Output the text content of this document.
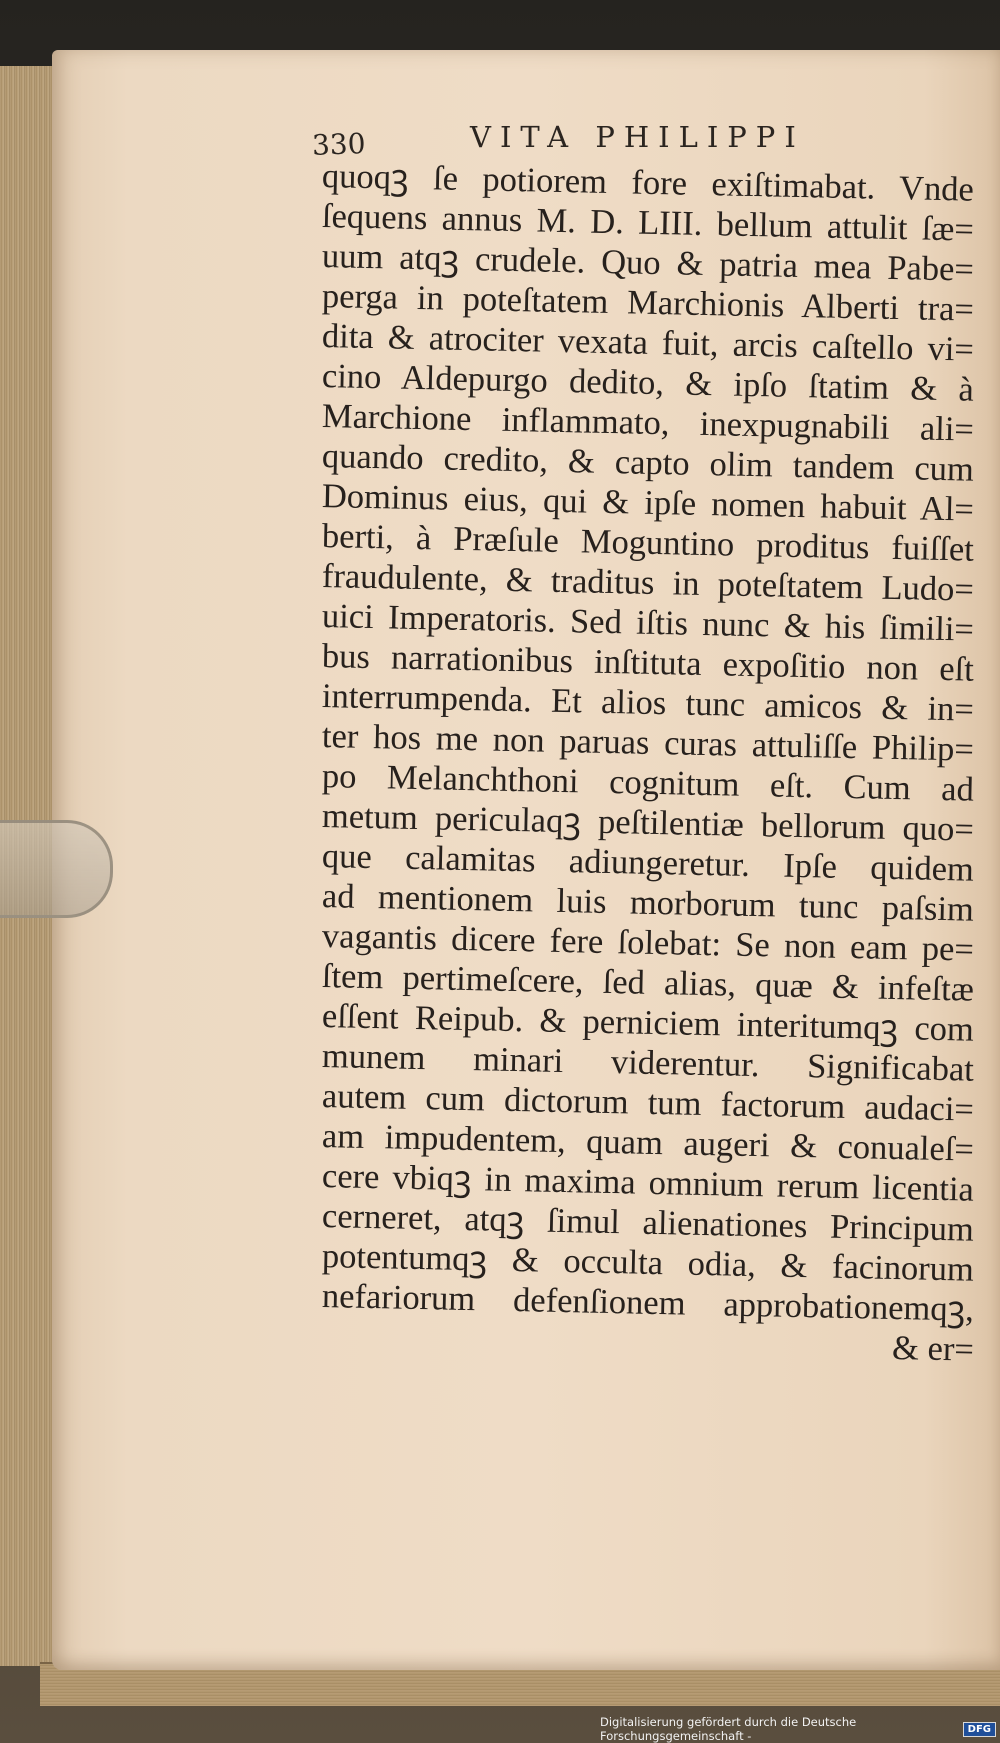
330	VITA PHILIPPI
quoqꝫ ſe potiorem fore exiſtimabat. Vnde
ſequens annus M. D. LIII. bellum attulit ſæ=
uum atqꝫ crudele. Quo & patria mea Pabe=
perga in poteſtatem Marchionis Alberti tra=
dita & atrociter vexata fuit, arcis caſtello vi=
cino Aldepurgo dedito, & ipſo ſtatim & à
Marchione inflammato, inexpugnabili ali=
quando credito, & capto olim tandem cum
Dominus eius, qui & ipſe nomen habuit Al=
berti, à Præſule Moguntino proditus fuiſſet
fraudulente, & traditus in poteſtatem Ludo=
uici Imperatoris. Sed iſtis nunc & his ſimili=
bus narrationibus inſtituta expoſitio non eſt
interrumpenda. Et alios tunc amicos & in=
ter hos me non paruas curas attuliſſe Philip=
po Melanchthoni cognitum eſt. Cum ad
metum periculaqꝫ peſtilentiæ bellorum quo=
que calamitas adiungeretur. Ipſe quidem
ad mentionem luis morborum tunc paſsim
vagantis dicere fere ſolebat: Se non eam pe=
ſtem pertimeſcere, ſed alias, quæ & infeſtæ
eſſent Reipub. & perniciem interitumqꝫ com
munem minari viderentur. Significabat
autem cum dictorum tum factorum audaci=
am impudentem, quam augeri & conualeſ=
cere vbiqꝫ in maxima omnium rerum licentia
cerneret, atqꝫ ſimul alienationes Principum
potentumqꝫ & occulta odia, & facinorum
nefariorum defenſionem approbationemqꝫ,
& er=
Digitalisierung gefördert durch die Deutsche Forschungsgemeinschaft -	DFG
